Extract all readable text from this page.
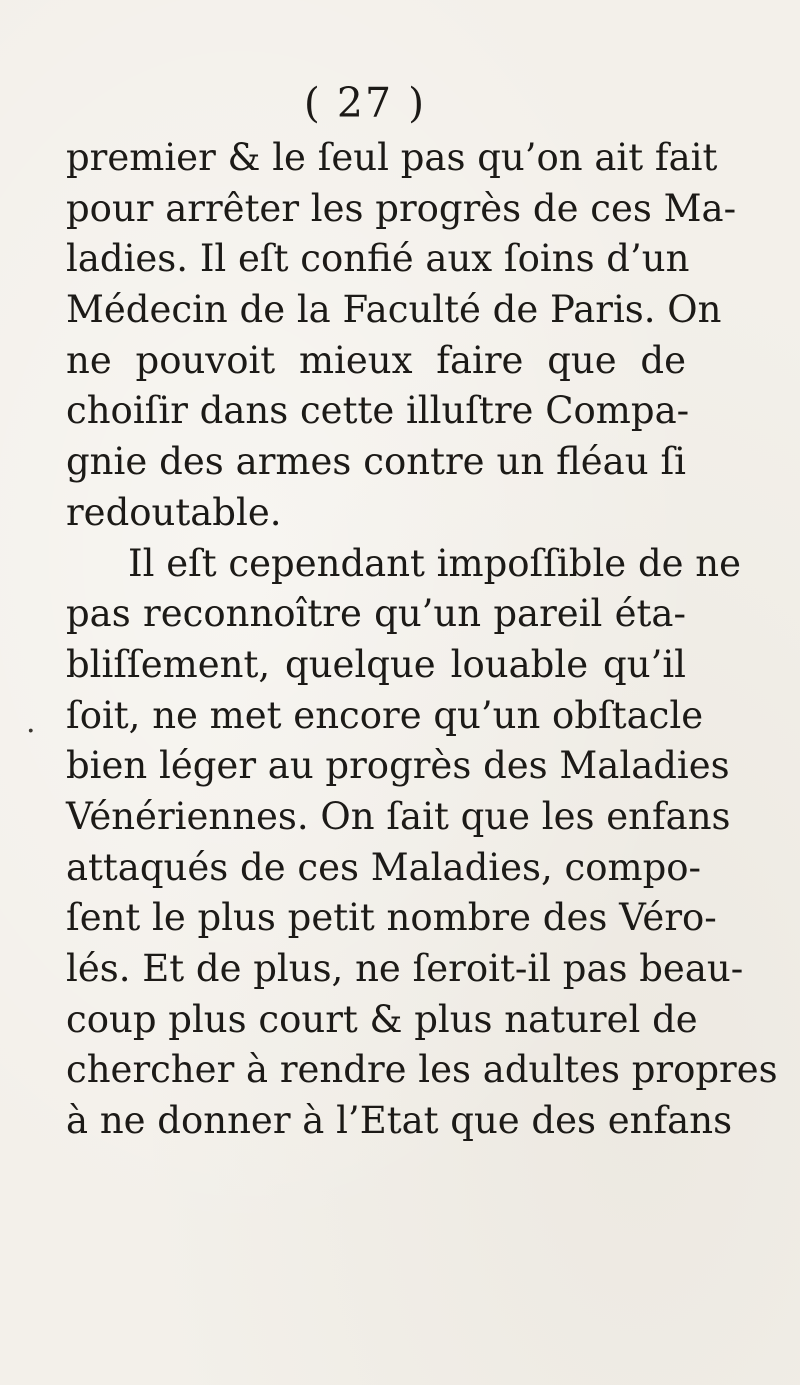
( 27 )
.
premier & le ſeul pas qu’on ait fait
pour arrêter les progrès de ces Ma-
ladies. Il eſt confié aux ſoins d’un
Médecin de la Faculté de Paris. On
ne pouvoit mieux faire que de
choiſir dans cette illuſtre Compa-
gnie des armes contre un fléau ſi
redoutable.
Il eſt cependant impoſſible de ne
pas reconnoître qu’un pareil éta-
bliſſement, quelque louable qu’il
ſoit, ne met encore qu’un obſtacle
bien léger au progrès des Maladies
Vénériennes. On ſait que les enfans
attaqués de ces Maladies, compo-
ſent le plus petit nombre des Véro-
lés. Et de plus, ne ſeroit-il pas beau-
coup plus court & plus naturel de
chercher à rendre les adultes propres
à ne donner à l’Etat que des enfans
